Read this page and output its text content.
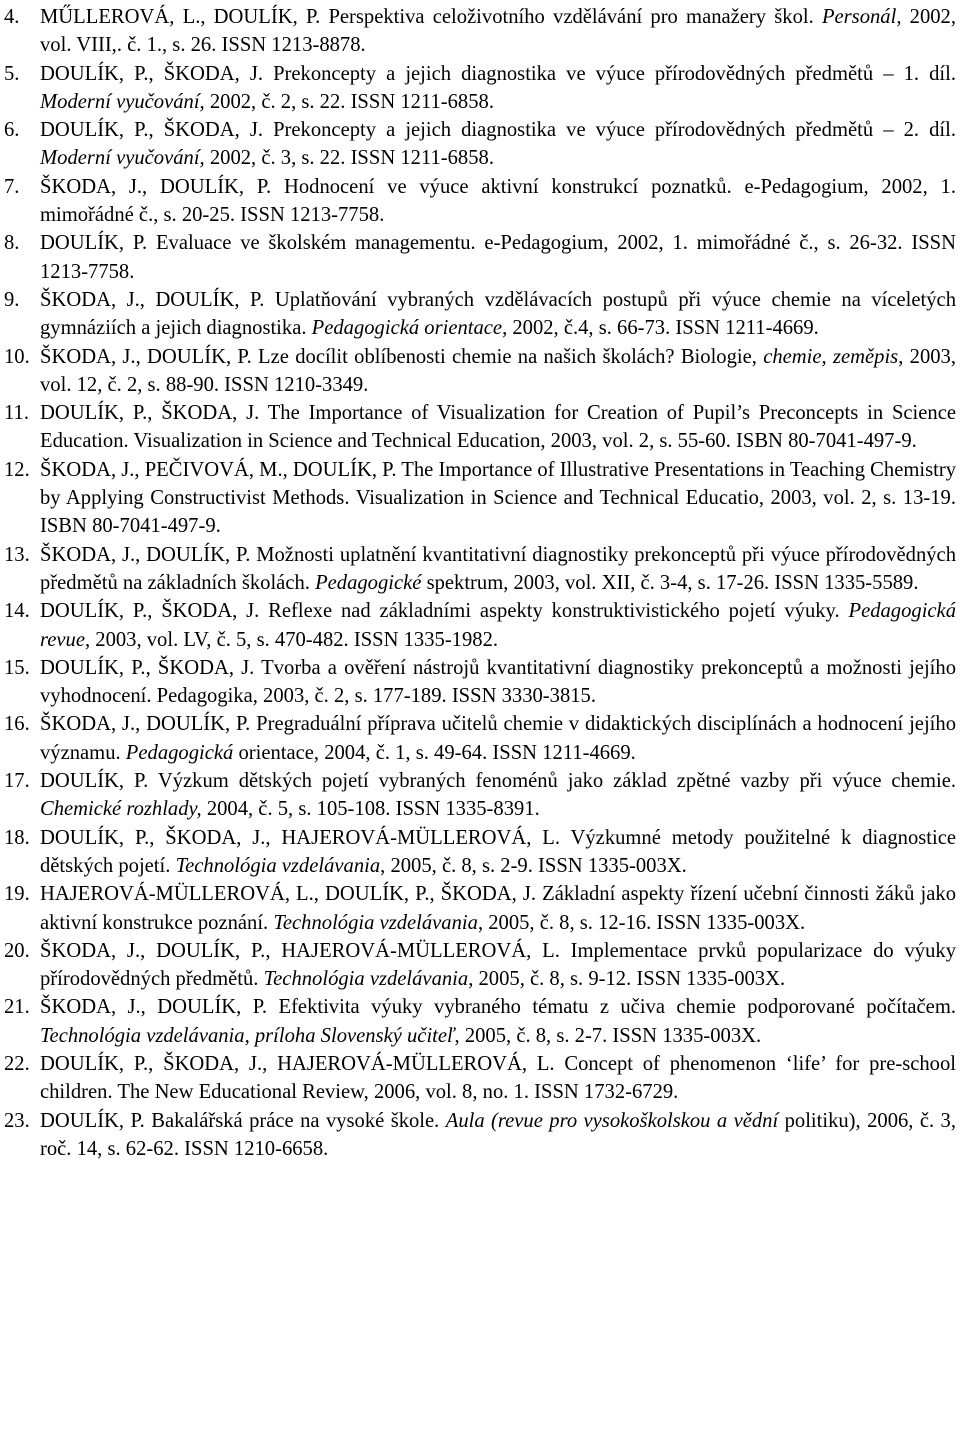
4. MŰLLEROVÁ, L., DOULÍK, P. Perspektiva celoživotního vzdělávání pro manažery škol. Personál, 2002, vol. VIII,. č. 1., s. 26. ISSN 1213-8878.
5. DOULÍK, P., ŠKODA, J. Prekoncepty a jejich diagnostika ve výuce přírodovědných předmětů – 1. díl. Moderní vyučování, 2002, č. 2, s. 22. ISSN 1211-6858.
6. DOULÍK, P., ŠKODA, J. Prekoncepty a jejich diagnostika ve výuce přírodovědných předmětů – 2. díl. Moderní vyučování, 2002, č. 3, s. 22. ISSN 1211-6858.
7. ŠKODA, J., DOULÍK, P. Hodnocení ve výuce aktivní konstrukcí poznatků. e-Pedagogium, 2002, 1. mimořádné č., s. 20-25. ISSN 1213-7758.
8. DOULÍK, P. Evaluace ve školském managementu. e-Pedagogium, 2002, 1. mimořádné č., s. 26-32. ISSN 1213-7758.
9. ŠKODA, J., DOULÍK, P. Uplatňování vybraných vzdělávacích postupů při výuce chemie na víceletých gymnáziích a jejich diagnostika. Pedagogická orientace, 2002, č.4, s. 66-73. ISSN 1211-4669.
10. ŠKODA, J., DOULÍK, P. Lze docílit oblíbenosti chemie na našich školách? Biologie, chemie, zeměpis, 2003, vol. 12, č. 2, s. 88-90. ISSN 1210-3349.
11. DOULÍK, P., ŠKODA, J. The Importance of Visualization for Creation of Pupil’s Preconcepts in Science Education. Visualization in Science and Technical Education, 2003, vol. 2, s. 55-60. ISBN 80-7041-497-9.
12. ŠKODA, J., PEČIVOVÁ, M., DOULÍK, P. The Importance of Illustrative Presentations in Teaching Chemistry by Applying Constructivist Methods. Visualization in Science and Technical Educatio, 2003, vol. 2, s. 13-19. ISBN 80-7041-497-9.
13. ŠKODA, J., DOULÍK, P. Možnosti uplatnění kvantitativní diagnostiky prekonceptů při výuce přírodovědných předmětů na základních školách. Pedagogické spektrum, 2003, vol. XII, č. 3-4, s. 17-26. ISSN 1335-5589.
14. DOULÍK, P., ŠKODA, J. Reflexe nad základními aspekty konstruktivistického pojetí výuky. Pedagogická revue, 2003, vol. LV, č. 5, s. 470-482. ISSN 1335-1982.
15. DOULÍK, P., ŠKODA, J. Tvorba a ověření nástrojů kvantitativní diagnostiky prekonceptů a možnosti jejího vyhodnocení. Pedagogika, 2003, č. 2, s. 177-189. ISSN 3330-3815.
16. ŠKODA, J., DOULÍK, P. Pregraduální příprava učitelů chemie v didaktických disciplínách a hodnocení jejího významu. Pedagogická orientace, 2004, č. 1, s. 49-64. ISSN 1211-4669.
17. DOULÍK, P. Výzkum dětských pojetí vybraných fenoménů jako základ zpětné vazby při výuce chemie. Chemické rozhlady, 2004, č. 5, s. 105-108. ISSN 1335-8391.
18. DOULÍK, P., ŠKODA, J., HAJEROVÁ-MÜLLEROVÁ, L. Výzkumné metody použitelné k diagnostice dětských pojetí. Technológia vzdelávania, 2005, č. 8, s. 2-9. ISSN 1335-003X.
19. HAJEROVÁ-MÜLLEROVÁ, L., DOULÍK, P., ŠKODA, J. Základní aspekty řízení učební činnosti žáků jako aktivní konstrukce poznání. Technológia vzdelávania, 2005, č. 8, s. 12-16. ISSN 1335-003X.
20. ŠKODA, J., DOULÍK, P., HAJEROVÁ-MÜLLEROVÁ, L. Implementace prvků popularizace do výuky přírodovědných předmětů. Technológia vzdelávania, 2005, č. 8, s. 9-12. ISSN 1335-003X.
21. ŠKODA, J., DOULÍK, P. Efektivita výuky vybraného tématu z učiva chemie podporované počítačem. Technológia vzdelávania, príloha Slovenský učiteľ, 2005, č. 8, s. 2-7. ISSN 1335-003X.
22. DOULÍK, P., ŠKODA, J., HAJEROVÁ-MÜLLEROVÁ, L. Concept of phenomenon ‘life’ for pre-school children. The New Educational Review, 2006, vol. 8, no. 1. ISSN 1732-6729.
23. DOULÍK, P. Bakalářská práce na vysoké škole. Aula (revue pro vysokoškolskou a vědní politiku), 2006, č. 3, roč. 14, s. 62-62. ISSN 1210-6658.
